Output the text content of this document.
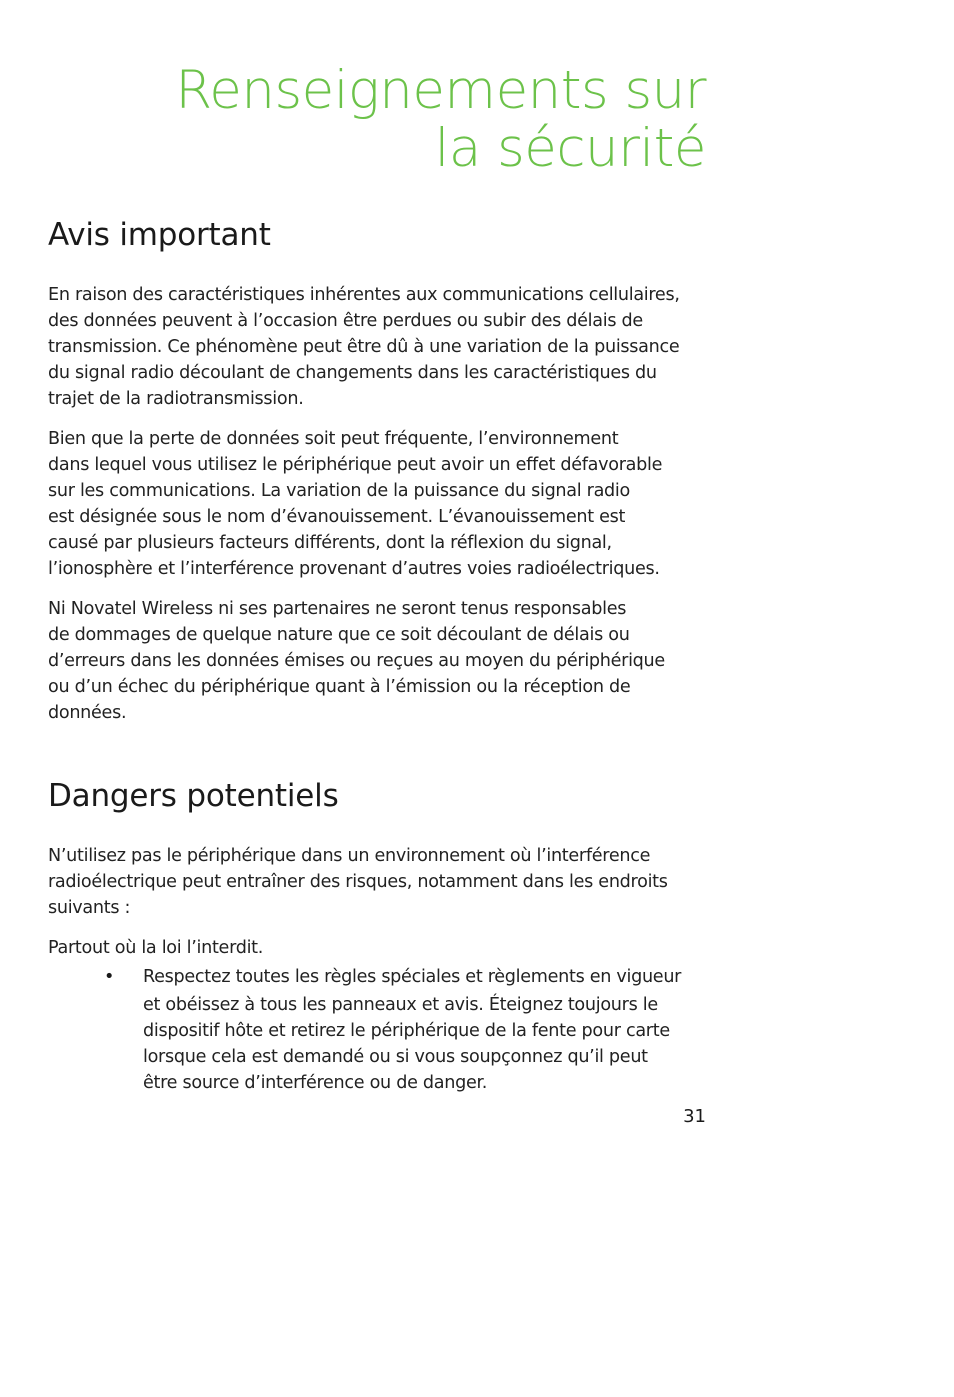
Renseignements sur
la sécurité
Avis important

En raison des caractéristiques inhérentes aux communications cellulaires,
des données peuvent à l’occasion être perdues ou subir des délais de
transmission. Ce phénomène peut être dû à une variation de la puissance
du signal radio découlant de changements dans les caractéristiques du
trajet de la radiotransmission.

Bien que la perte de données soit peut fréquente, l’environnement
dans lequel vous utilisez le périphérique peut avoir un effet défavorable
sur les communications. La variation de la puissance du signal radio
est désignée sous le nom d’évanouissement. L’évanouissement est
causé par plusieurs facteurs différents, dont la réflexion du signal,
l’ionosphère et l’interférence provenant d’autres voies radioélectriques.

Ni Novatel Wireless ni ses partenaires ne seront tenus responsables
de dommages de quelque nature que ce soit découlant de délais ou
d’erreurs dans les données émises ou reçues au moyen du périphérique
ou d’un échec du périphérique quant à l’émission ou la réception de
données.

Dangers potentiels

N’utilisez pas le périphérique dans un environnement où l’interférence
radioélectrique peut entraîner des risques, notamment dans les endroits
suivants :

Partout où la loi l’interdit.

• Respectez toutes les règles spéciales et règlements en vigueur
et obéissez à tous les panneaux et avis. Éteignez toujours le
dispositif hôte et retirez le périphérique de la fente pour carte
lorsque cela est demandé ou si vous soupçonnez qu’il peut
être source d’interférence ou de danger.
31
